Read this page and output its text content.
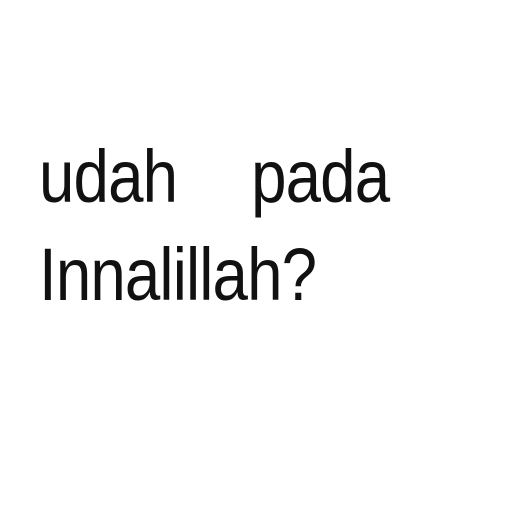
udah pada
Innalillah?
